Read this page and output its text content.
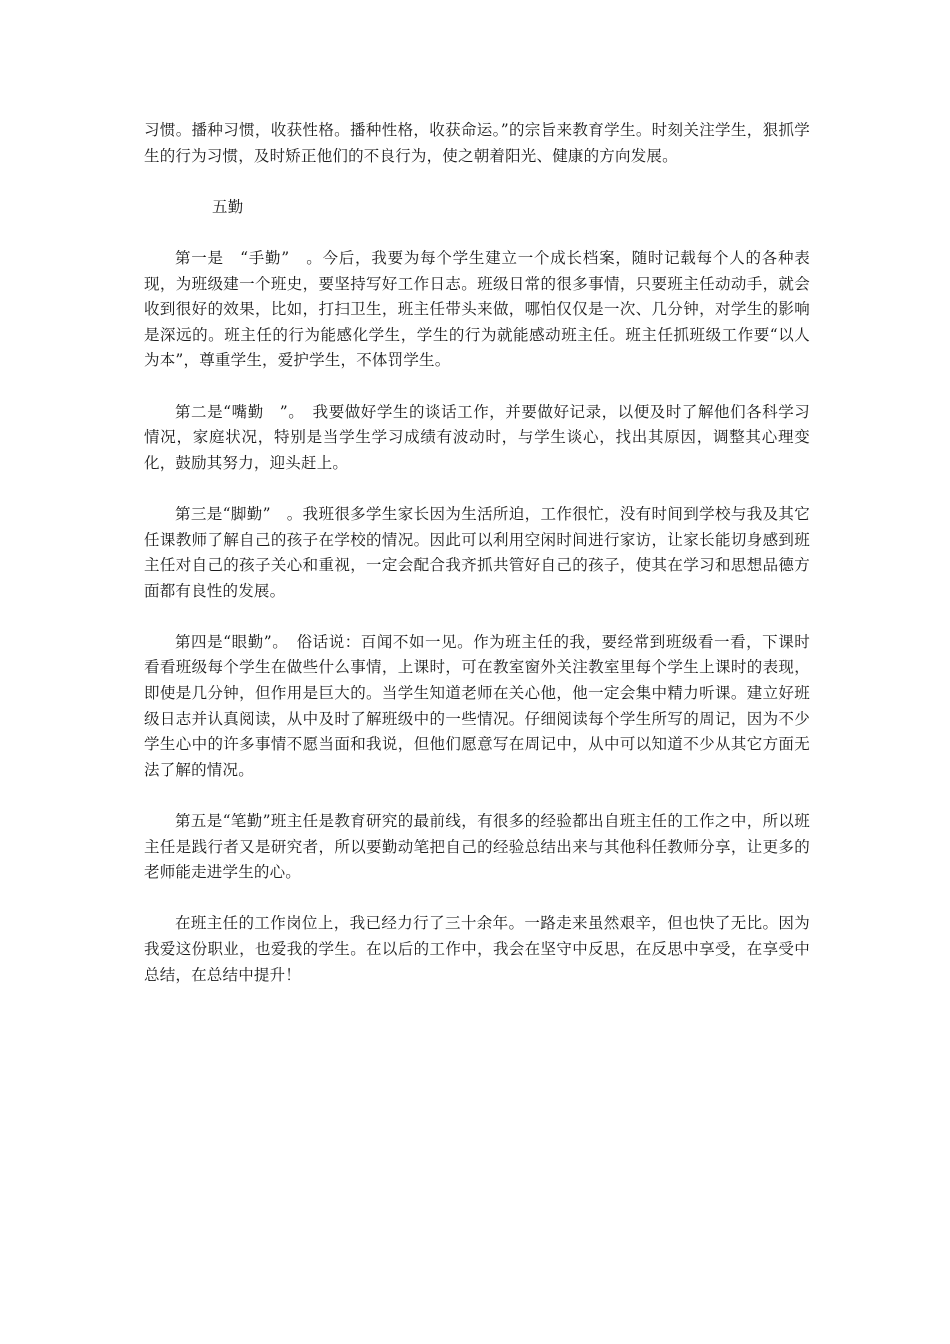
习惯。播种习惯，收获性格。播种性格，收获命运。”的宗旨来教育学生。时刻关注学生，狠抓学生的行为习惯，及时矫正他们的不良行为，使之朝着阳光、健康的方向发展。

五勤

第一是　“手勤”　。今后，我要为每个学生建立一个成长档案，随时记载每个人的各种表现，为班级建一个班史，要坚持写好工作日志。班级日常的很多事情，只要班主任动动手，就会收到很好的效果，比如，打扫卫生，班主任带头来做，哪怕仅仅是一次、几分钟，对学生的影响是深远的。班主任的行为能感化学生，学生的行为就能感动班主任。班主任抓班级工作要“以人为本”，尊重学生，爱护学生，不体罚学生。

第二是“嘴勤　”。　我要做好学生的谈话工作，并要做好记录，以便及时了解他们各科学习情况，家庭状况，特别是当学生学习成绩有波动时，与学生谈心，找出其原因，调整其心理变化，鼓励其努力，迎头赶上。

第三是“脚勤”　。我班很多学生家长因为生活所迫，工作很忙，没有时间到学校与我及其它任课教师了解自己的孩子在学校的情况。因此可以利用空闲时间进行家访，让家长能切身感到班主任对自己的孩子关心和重视，一定会配合我齐抓共管好自己的孩子，使其在学习和思想品德方面都有良性的发展。

第四是“眼勤”。　俗话说：百闻不如一见。作为班主任的我，要经常到班级看一看，下课时看看班级每个学生在做些什么事情，上课时，可在教室窗外关注教室里每个学生上课时的表现，即使是几分钟，但作用是巨大的。当学生知道老师在关心他，他一定会集中精力听课。建立好班级日志并认真阅读，从中及时了解班级中的一些情况。仔细阅读每个学生所写的周记，因为不少学生心中的许多事情不愿当面和我说，但他们愿意写在周记中，从中可以知道不少从其它方面无法了解的情况。

第五是“笔勤”班主任是教育研究的最前线，有很多的经验都出自班主任的工作之中，所以班主任是践行者又是研究者，所以要勤动笔把自己的经验总结出来与其他科任教师分享，让更多的老师能走进学生的心。

在班主任的工作岗位上，我已经力行了三十余年。一路走来虽然艰辛，但也快了无比。因为我爱这份职业，也爱我的学生。在以后的工作中，我会在坚守中反思，在反思中享受，在享受中总结，在总结中提升！
